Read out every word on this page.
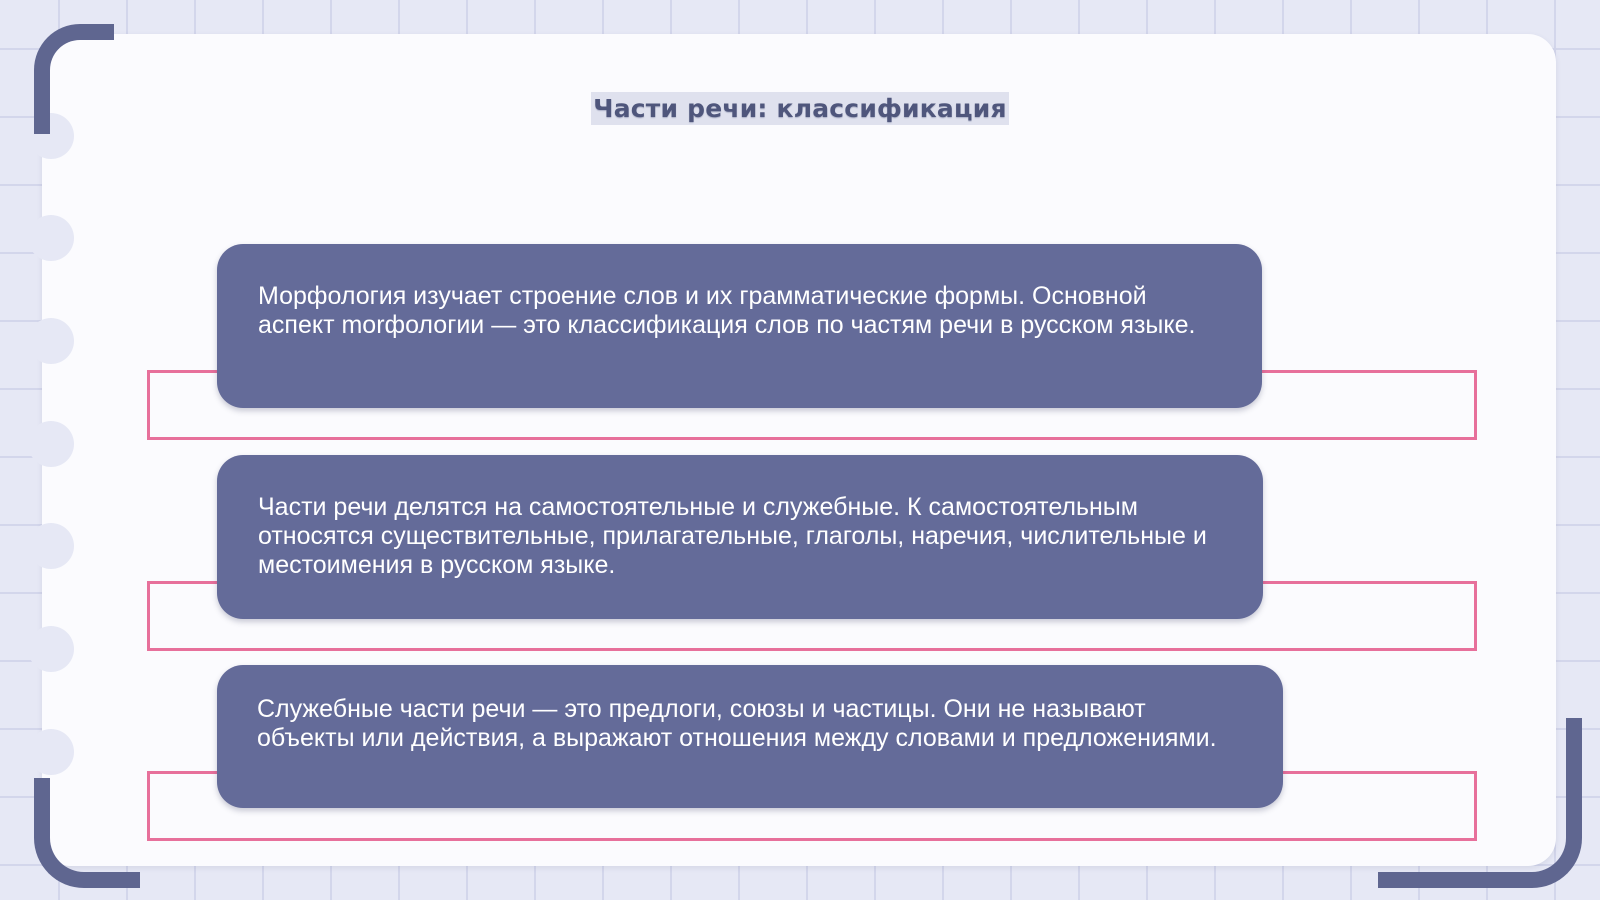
Части речи: классификация

Морфология изучает строение слов и их грамматические формы. Основной аспект morфологии — это классификация слов по частям речи в русском языке.

Части речи делятся на самостоятельные и служебные. К самостоятельным относятся существительные, прилагательные, глаголы, наречия, числительные и местоимения в русском языке.

Служебные части речи — это предлоги, союзы и частицы. Они не называют объекты или действия, а выражают отношения между словами и предложениями.
